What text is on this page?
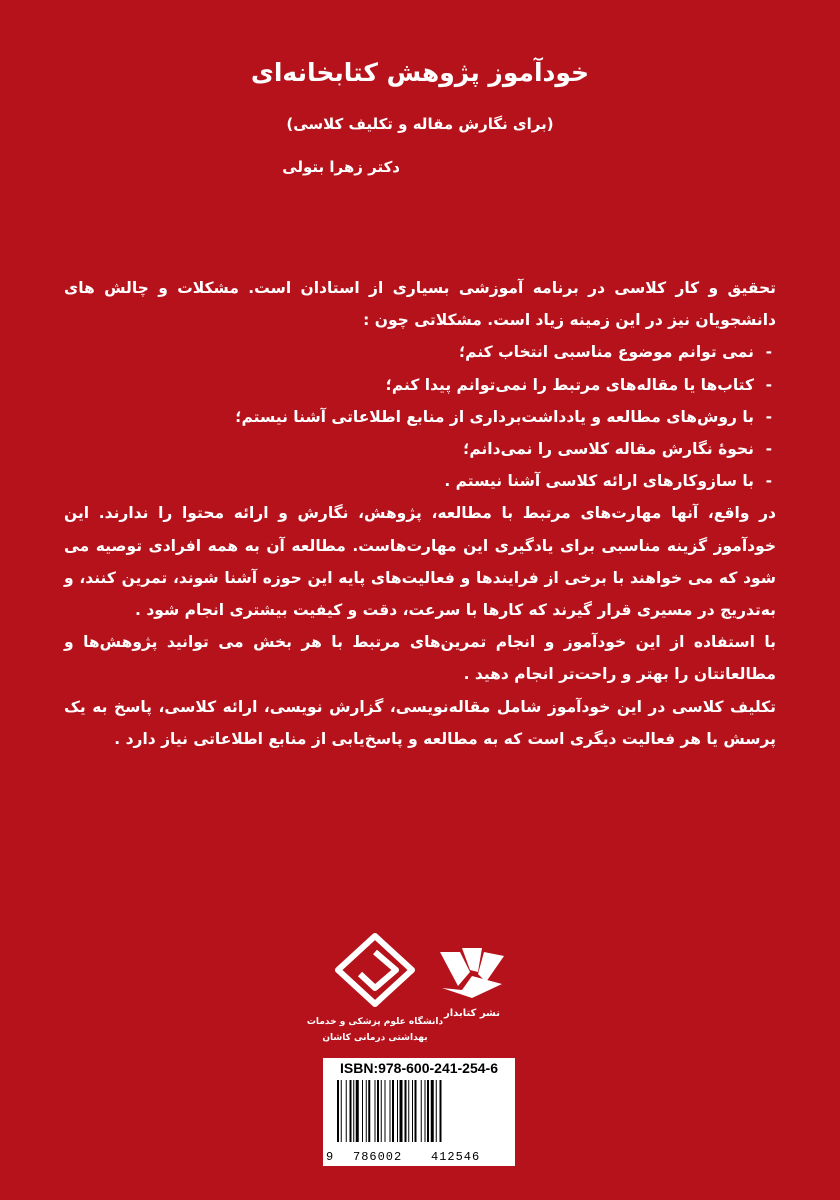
خودآموز پژوهش کتابخانه‌ای
(برای نگارش مقاله و تکلیف کلاسی)
دکتر زهرا بتولی

تحقیق و کار کلاسی در برنامه آموزشی بسیاری از استادان است. مشکلات و چالش های دانشجویان نیز در این زمینه زیاد است. مشکلاتی چون :

- نمی توانم موضوع مناسبی انتخاب کنم؛
- کتاب‌ها یا مقاله‌های مرتبط را نمی‌توانم پیدا کنم؛
- با روش‌های مطالعه و یادداشت‌برداری از منابع اطلاعاتی آشنا نیستم؛
- نحوهٔ نگارش مقاله کلاسی را نمی‌دانم؛
- با سازوکارهای ارائه کلاسی آشنا نیستم .

در واقع، آنها مهارت‌های مرتبط با مطالعه، پژوهش، نگارش و ارائه محتوا را ندارند. این خودآموز گزینه مناسبی برای یادگیری این مهارت‌هاست. مطالعه آن به همه افرادی توصیه می شود که می خواهند با برخی از فرایندها و فعالیت‌های پایه این حوزه آشنا شوند، تمرین کنند، و به‌تدریج در مسیری قرار گیرند که کارها با سرعت، دقت و کیفیت بیشتری انجام شود .

با استفاده از این خودآموز و انجام تمرین‌های مرتبط با هر بخش می توانید پژوهش‌ها و مطالعاتتان را بهتر و راحت‌تر انجام دهید .

تکلیف کلاسی در این خودآموز شامل مقاله‌نویسی، گزارش نویسی، ارائه کلاسی، پاسخ به یک پرسش یا هر فعالیت دیگری است که به مطالعه و پاسخ‌یابی از منابع اطلاعاتی نیاز دارد .

دانشگاه علوم پزشکی و خدمات
بهداشتی درمانی کاشان
نشر کتابدار
ISBN:978-600-241-254-6
9 786002 412546
